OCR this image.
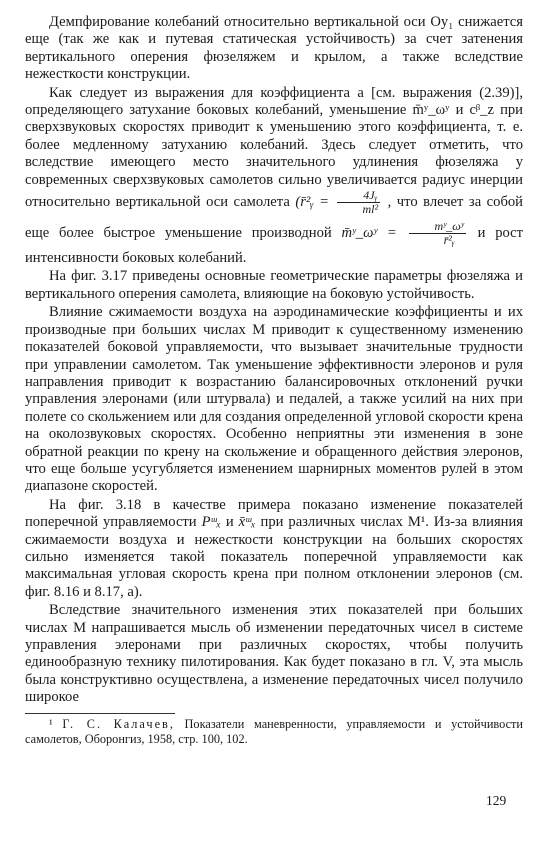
Демпфирование колебаний относительно вертикальной оси Oy₁ снижается еще (так же как и путевая статическая устойчивость) за счет затенения вертикального оперения фюзеляжем и крылом, а также вследствие нежесткости конструкции.

Как следует из выражения для коэффициента a [см. выражения (2.39)], определяющего затухание боковых колебаний, уменьшение m̄ʸ_ωʸ и cᵝ_z при сверхзвуковых скоростях приводит к уменьшению этого коэффициента, т. е. более медленному затуханию колебаний. Здесь следует отметить, что вследствие имеющего место значительного удлинения фюзеляжа у современных сверхзвуковых самолетов сильно увеличивается радиус инерции относительно вертикальной оси самолета (r̄²ᵧ = $\frac{\text{4Jᵧ}}{\text{ml²}}$ , что влечет за собой еще более быстрое уменьшение производной m̄ʸ_ωʸ = $\frac{\text{mʸ\_ωʸ}}{\text{r̄²ᵧ}}$ и рост интенсивности боковых колебаний.

На фиг. 3.17 приведены основные геометрические параметры фюзеляжа и вертикального оперения самолета, влияющие на боковую устойчивость.

Влияние сжимаемости воздуха на аэродинамические коэффициенты и их производные при больших числах M приводит к существенному изменению показателей боковой управляемости, что вызывает значительные трудности при управлении самолетом. Так уменьшение эффективности элеронов и руля направления приводит к возрастанию балансировочных отклонений ручки управления элеронами (или штурвала) и педалей, а также усилий на них при полете со скольжением или для создания определенной угловой скорости крена на околозвуковых скоростях. Особенно неприятны эти изменения в зоне обратной реакции по крену на скольжение и обращенного действия элеронов, что еще больше усугубляется изменением шарнирных моментов рулей в этом диапазоне скоростей.

На фиг. 3.18 в качестве примера показано изменение показателей поперечной управляемости Pᵚₓ и x̄ᵚₓ при различных числах M¹. Из-за влияния сжимаемости воздуха и нежесткости конструкции на больших скоростях сильно изменяется такой показатель поперечной управляемости как максимальная угловая скорость крена при полном отклонении элеронов (см. фиг. 8.16 и 8.17, a).

Вследствие значительного изменения этих показателей при больших числах M напрашивается мысль об изменении передаточных чисел в системе управления элеронами при различных скоростях, чтобы получить единообразную технику пилотирования. Как будет показано в гл. V, эта мысль была конструктивно осуществлена, а изменение передаточных чисел получило широкое

¹ Г. С. Калачев, Показатели маневренности, управляемости и устойчивости самолетов, Оборонгиз, 1958, стр. 100, 102.

129
